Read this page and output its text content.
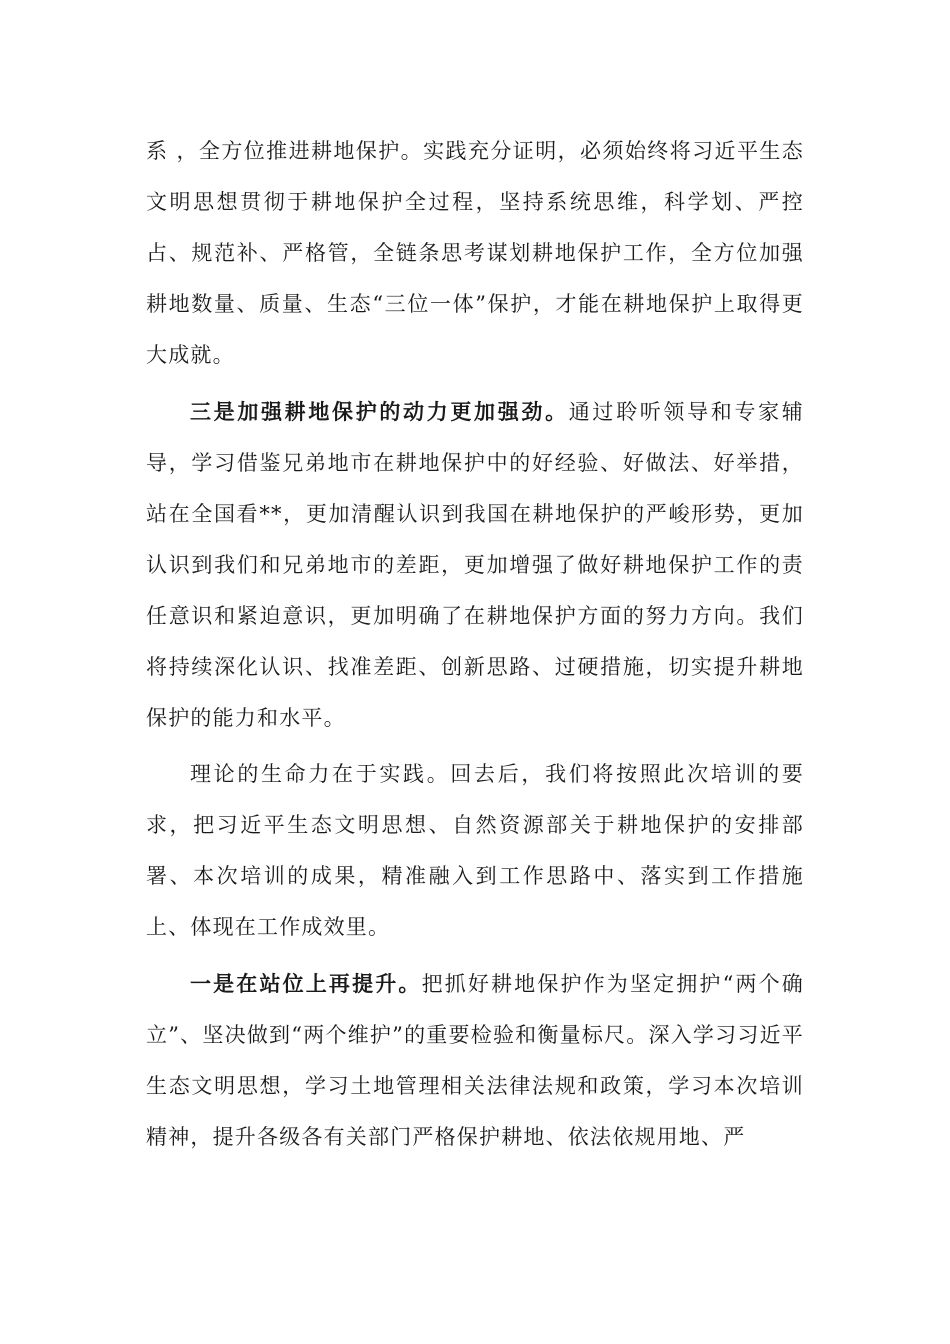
系 ，全方位推进耕地保护。实践充分证明，必须始终将习近平生态文明思想贯彻于耕地保护全过程，坚持系统思维，科学划、严控占、规范补、严格管，全链条思考谋划耕地保护工作，全方位加强耕地数量、质量、生态“三位一体”保护，才能在耕地保护上取得更大成就。

三是加强耕地保护的动力更加强劲。通过聆听领导和专家辅导，学习借鉴兄弟地市在耕地保护中的好经验、好做法、好举措，站在全国看**，更加清醒认识到我国在耕地保护的严峻形势，更加认识到我们和兄弟地市的差距，更加增强了做好耕地保护工作的责任意识和紧迫意识，更加明确了在耕地保护方面的努力方向。我们将持续深化认识、找准差距、创新思路、过硬措施，切实提升耕地保护的能力和水平。

理论的生命力在于实践。回去后，我们将按照此次培训的要求，把习近平生态文明思想、自然资源部关于耕地保护的安排部署、本次培训的成果，精准融入到工作思路中、落实到工作措施上、体现在工作成效里。

一是在站位上再提升。把抓好耕地保护作为坚定拥护“两个确立”、坚决做到“两个维护”的重要检验和衡量标尺。深入学习习近平生态文明思想，学习土地管理相关法律法规和政策，学习本次培训精神，提升各级各有关部门严格保护耕地、依法依规用地、严
